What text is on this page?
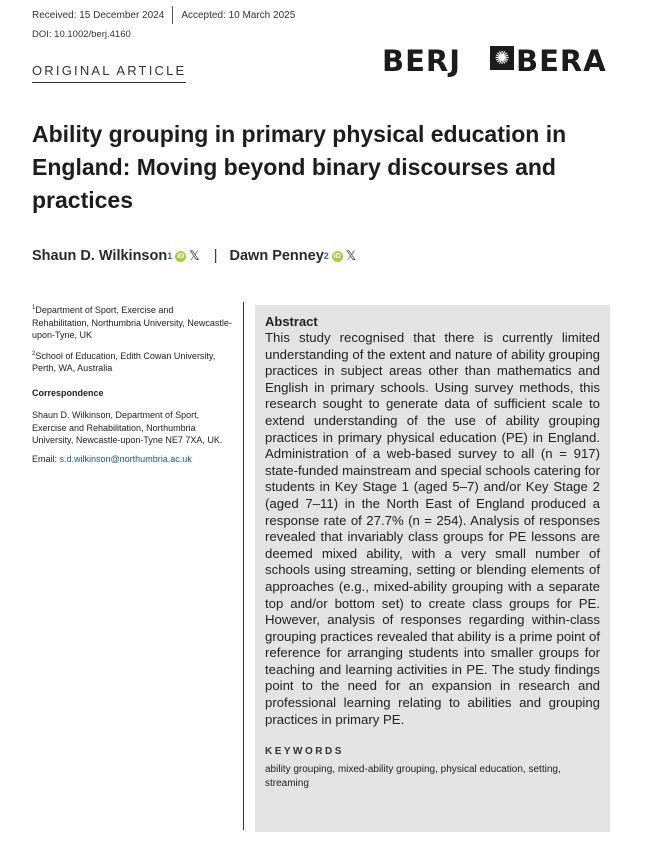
Received: 15 December 2024 Accepted: 10 March 2025
DOI: 10.1002/berj.4160
BERJ ✺ BERA
ORIGINAL ARTICLE
Ability grouping in primary physical education in England: Moving beyond binary discourses and practices
Shaun D. Wilkinson 1 iD 𝕏 | Dawn Penney 2 iD 𝕏

$^1$Department of Sport, Exercise and Rehabilitation, Northumbria University, Newcastle-upon-Tyne, UK

$^2$School of Education, Edith Cowan University, Perth, WA, Australia

Correspondence

Shaun D. Wilkinson, Department of Sport, Exercise and Rehabilitation, Northumbria University, Newcastle-upon-Tyne NE7 7XA, UK.

Email: s.d.wilkinson@northumbria.ac.uk

Abstract
This study recognised that there is currently limited understanding of the extent and nature of ability grouping practices in subject areas other than mathematics and English in primary schools. Using survey methods, this research sought to generate data of sufficient scale to extend understanding of the use of ability grouping practices in primary physical education (PE) in England. Administration of a web-based survey to all (n = 917) state-funded mainstream and special schools catering for students in Key Stage 1 (aged 5–7) and/or Key Stage 2 (aged 7–11) in the North East of England produced a response rate of 27.7% (n = 254). Analysis of responses revealed that invariably class groups for PE lessons are deemed mixed ability, with a very small number of schools using streaming, setting or blending elements of approaches (e.g., mixed-ability grouping with a separate top and/or bottom set) to create class groups for PE. However, analysis of responses regarding within-class grouping practices revealed that ability is a prime point of reference for arranging students into smaller groups for teaching and learning activities in PE. The study findings point to the need for an expansion in research and professional learning relating to abilities and grouping practices in primary PE.
KEYWORDS
ability grouping, mixed-ability grouping, physical education, setting, streaming
